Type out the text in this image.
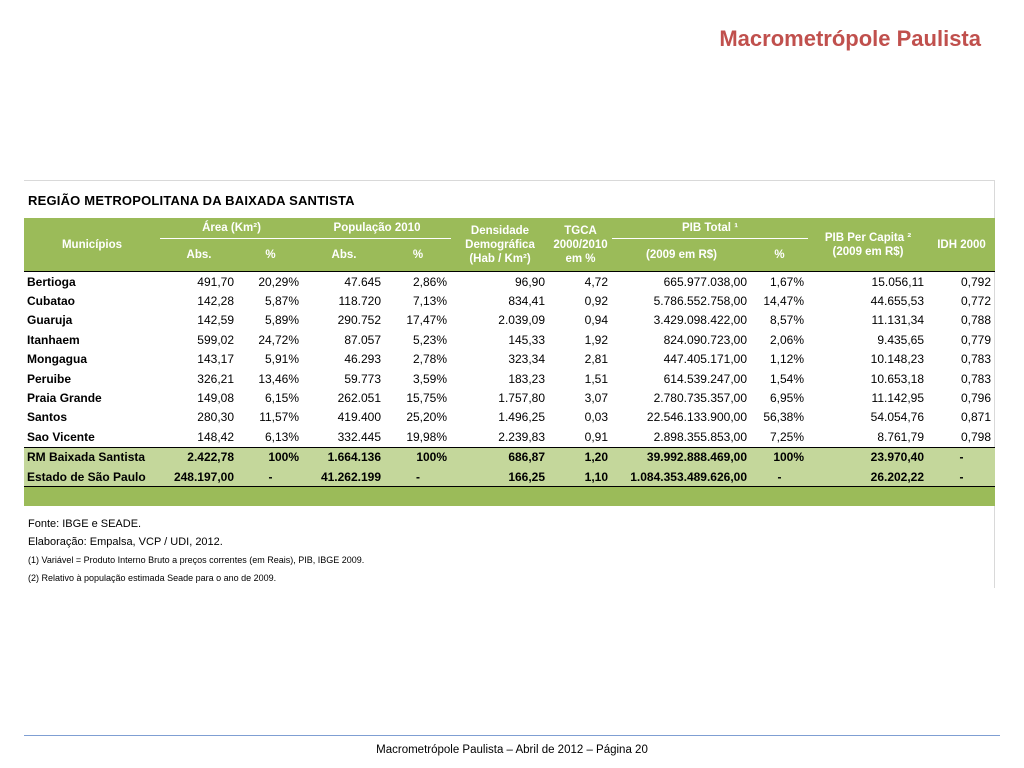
Macrometrópole Paulista
REGIÃO METROPOLITANA DA BAIXADA SANTISTA
Municípios	Área (Km²)		População 2010		Densidade Demográfica (Hab / Km²)	TGCA 2000/2010 em %	PIB Total ¹		PIB Per Capita ² (2009 em R$)	IDH 2000
	Abs.	%	Abs.	%			(2009 em R$)	%		
Bertioga	491,70	20,29%	47.645	2,86%	96,90	4,72	665.977.038,00	1,67%	15.056,11	0,792
Cubatao	142,28	5,87%	118.720	7,13%	834,41	0,92	5.786.552.758,00	14,47%	44.655,53	0,772
Guaruja	142,59	5,89%	290.752	17,47%	2.039,09	0,94	3.429.098.422,00	8,57%	11.131,34	0,788
Itanhaem	599,02	24,72%	87.057	5,23%	145,33	1,92	824.090.723,00	2,06%	9.435,65	0,779
Mongagua	143,17	5,91%	46.293	2,78%	323,34	2,81	447.405.171,00	1,12%	10.148,23	0,783
Peruibe	326,21	13,46%	59.773	3,59%	183,23	1,51	614.539.247,00	1,54%	10.653,18	0,783
Praia Grande	149,08	6,15%	262.051	15,75%	1.757,80	3,07	2.780.735.357,00	6,95%	11.142,95	0,796
Santos	280,30	11,57%	419.400	25,20%	1.496,25	0,03	22.546.133.900,00	56,38%	54.054,76	0,871
Sao Vicente	148,42	6,13%	332.445	19,98%	2.239,83	0,91	2.898.355.853,00	7,25%	8.761,79	0,798
RM Baixada Santista	2.422,78	100%	1.664.136	100%	686,87	1,20	39.992.888.469,00	100%	23.970,40	-
Estado de São Paulo	248.197,00	-	41.262.199	-	166,25	1,10	1.084.353.489.626,00	-	26.202,22	-

Fonte: IBGE e SEADE.
Elaboração: Empalsa, VCP / UDI, 2012.
(1) Variável = Produto Interno Bruto a preços correntes (em Reais), PIB, IBGE 2009.
(2) Relativo à população estimada Seade para o ano de 2009.
Macrometrópole Paulista – Abril de 2012 – Página 20
